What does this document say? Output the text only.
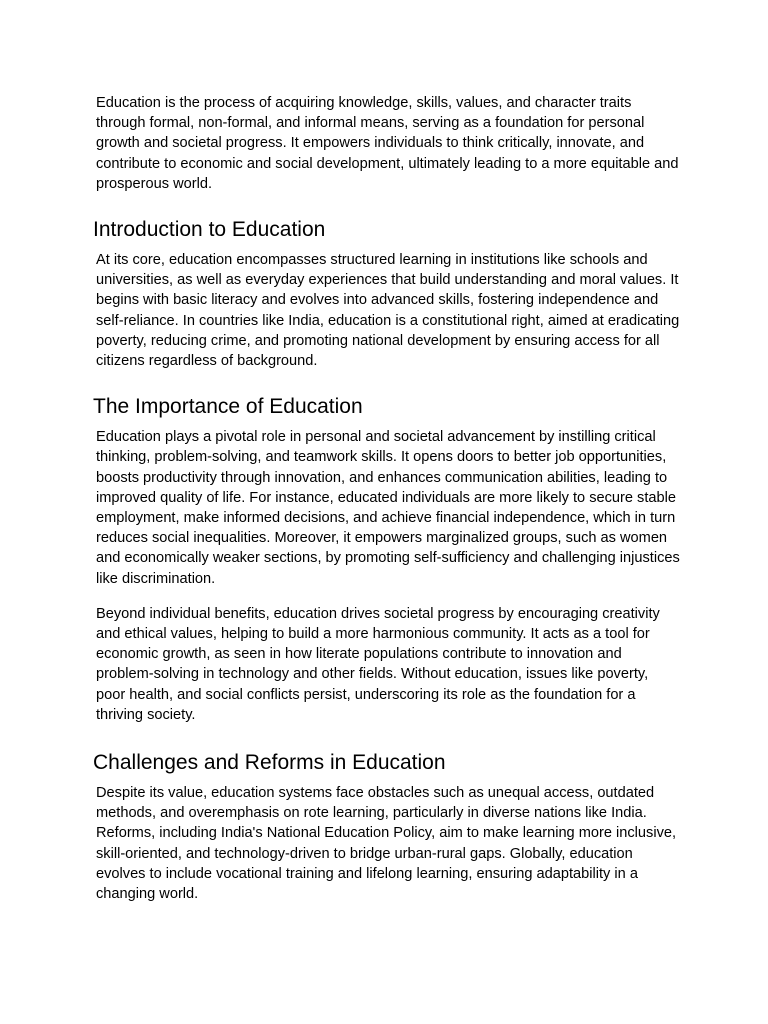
Education is the process of acquiring knowledge, skills, values, and character traits through formal, non-formal, and informal means, serving as a foundation for personal growth and societal progress. It empowers individuals to think critically, innovate, and contribute to economic and social development, ultimately leading to a more equitable and prosperous world.

Introduction to Education

At its core, education encompasses structured learning in institutions like schools and universities, as well as everyday experiences that build understanding and moral values. It begins with basic literacy and evolves into advanced skills, fostering independence and self-reliance. In countries like India, education is a constitutional right, aimed at eradicating poverty, reducing crime, and promoting national development by ensuring access for all citizens regardless of background.

The Importance of Education

Education plays a pivotal role in personal and societal advancement by instilling critical thinking, problem-solving, and teamwork skills. It opens doors to better job opportunities, boosts productivity through innovation, and enhances communication abilities, leading to improved quality of life. For instance, educated individuals are more likely to secure stable employment, make informed decisions, and achieve financial independence, which in turn reduces social inequalities. Moreover, it empowers marginalized groups, such as women and economically weaker sections, by promoting self-sufficiency and challenging injustices like discrimination.

Beyond individual benefits, education drives societal progress by encouraging creativity and ethical values, helping to build a more harmonious community. It acts as a tool for economic growth, as seen in how literate populations contribute to innovation and problem-solving in technology and other fields. Without education, issues like poverty, poor health, and social conflicts persist, underscoring its role as the foundation for a thriving society.

Challenges and Reforms in Education

Despite its value, education systems face obstacles such as unequal access, outdated methods, and overemphasis on rote learning, particularly in diverse nations like India. Reforms, including India's National Education Policy, aim to make learning more inclusive, skill-oriented, and technology-driven to bridge urban-rural gaps. Globally, education evolves to include vocational training and lifelong learning, ensuring adaptability in a changing world.
